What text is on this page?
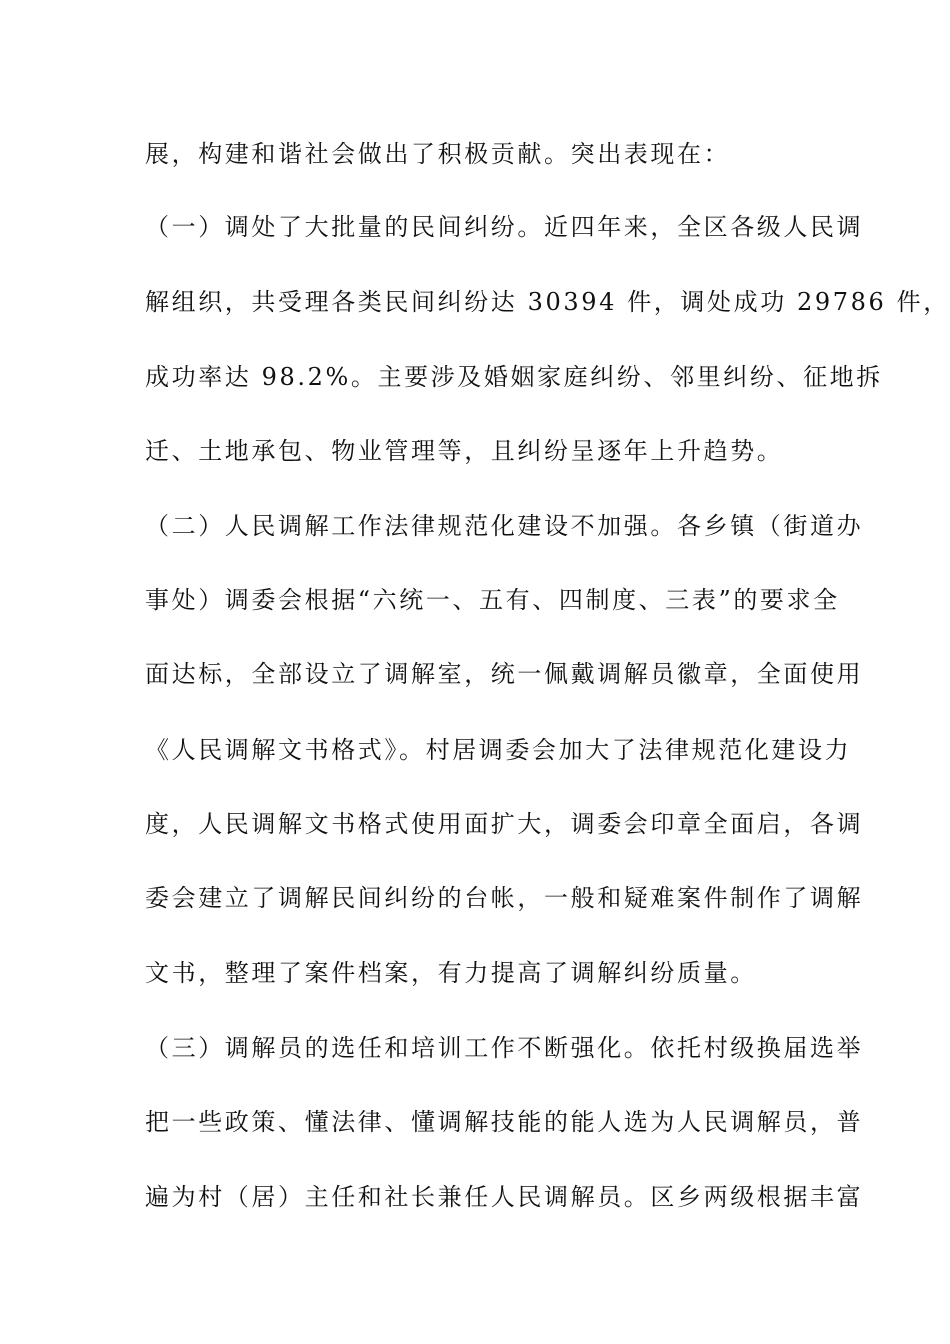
展，构建和谐社会做出了积极贡献。突出表现在：
（一）调处了大批量的民间纠纷。近四年来，全区各级人民调
解组织，共受理各类民间纠纷达 30394 件，调处成功 29786 件，
成功率达 98.2%。主要涉及婚姻家庭纠纷、邻里纠纷、征地拆
迁、土地承包、物业管理等，且纠纷呈逐年上升趋势。
（二）人民调解工作法律规范化建设不加强。各乡镇（街道办
事处）调委会根据“六统一、五有、四制度、三表”的要求全
面达标，全部设立了调解室，统一佩戴调解员徽章，全面使用
《人民调解文书格式》。村居调委会加大了法律规范化建设力
度，人民调解文书格式使用面扩大，调委会印章全面启，各调
委会建立了调解民间纠纷的台帐，一般和疑难案件制作了调解
文书，整理了案件档案，有力提高了调解纠纷质量。
（三）调解员的选任和培训工作不断强化。依托村级换届选举
把一些政策、懂法律、懂调解技能的能人选为人民调解员，普
遍为村（居）主任和社长兼任人民调解员。区乡两级根据丰富
